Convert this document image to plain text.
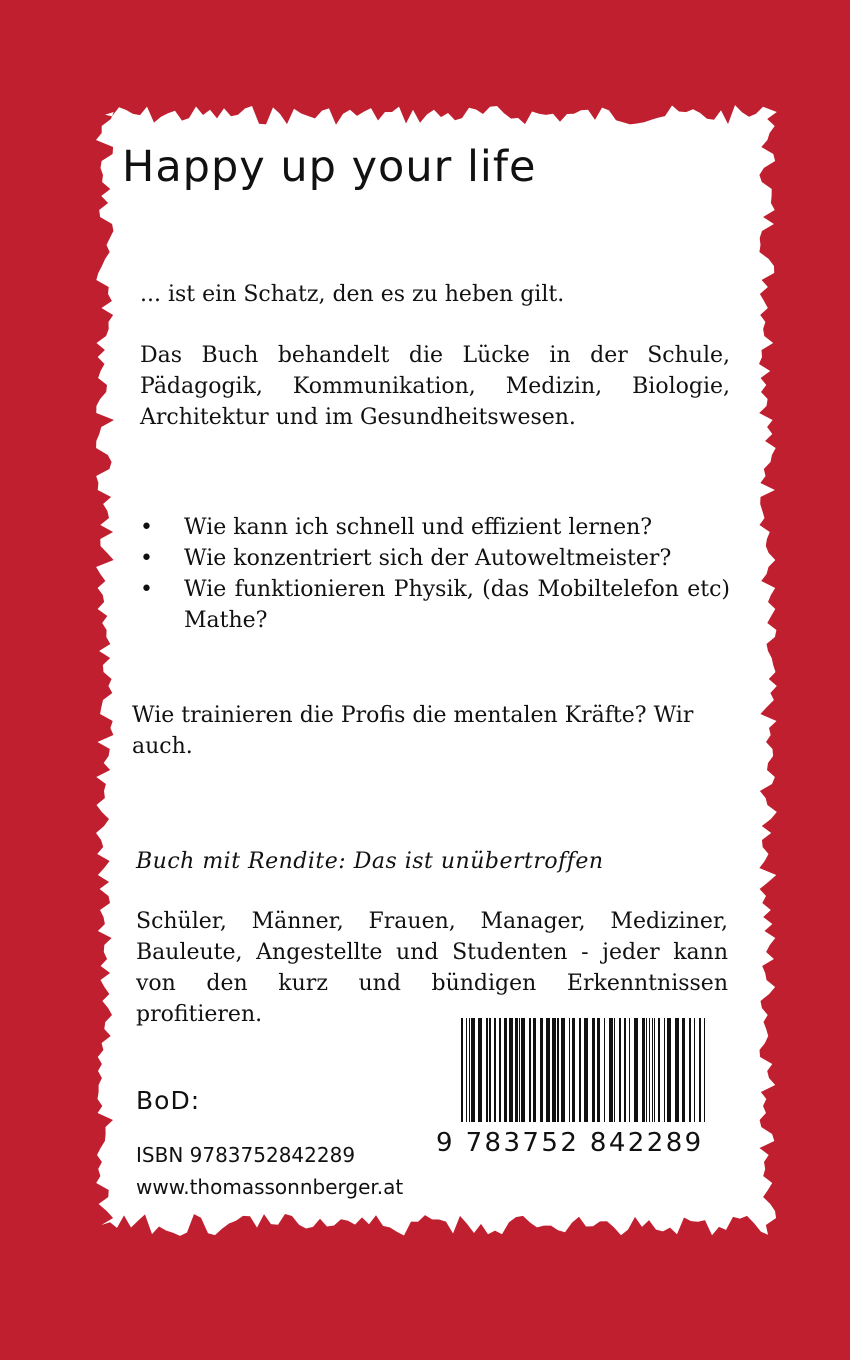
Happy up your life

... ist ein Schatz, den es zu heben gilt.

Das Buch behandelt die Lücke in der Schule, Pädagogik, Kommunikation, Medizin, Biologie, Architektur und im Gesundheitswesen.

•	Wie kann ich schnell und effizient lernen?
•	Wie konzentriert sich der Autoweltmeister?
•	Wie funktionieren Physik, (das Mobiltelefon etc) Mathe?

Wie trainieren die Profis die mentalen Kräfte? Wir auch.

Buch mit Rendite: Das ist unübertroffen

Schüler, Männer, Frauen, Manager, Mediziner, Bauleute, Angestellte und Studenten - jeder kann von den kurz und bündigen Erkenntnissen profitieren.

9 783752 842289
BoD:
ISBN 9783752842289
www.thomassonnberger.at
